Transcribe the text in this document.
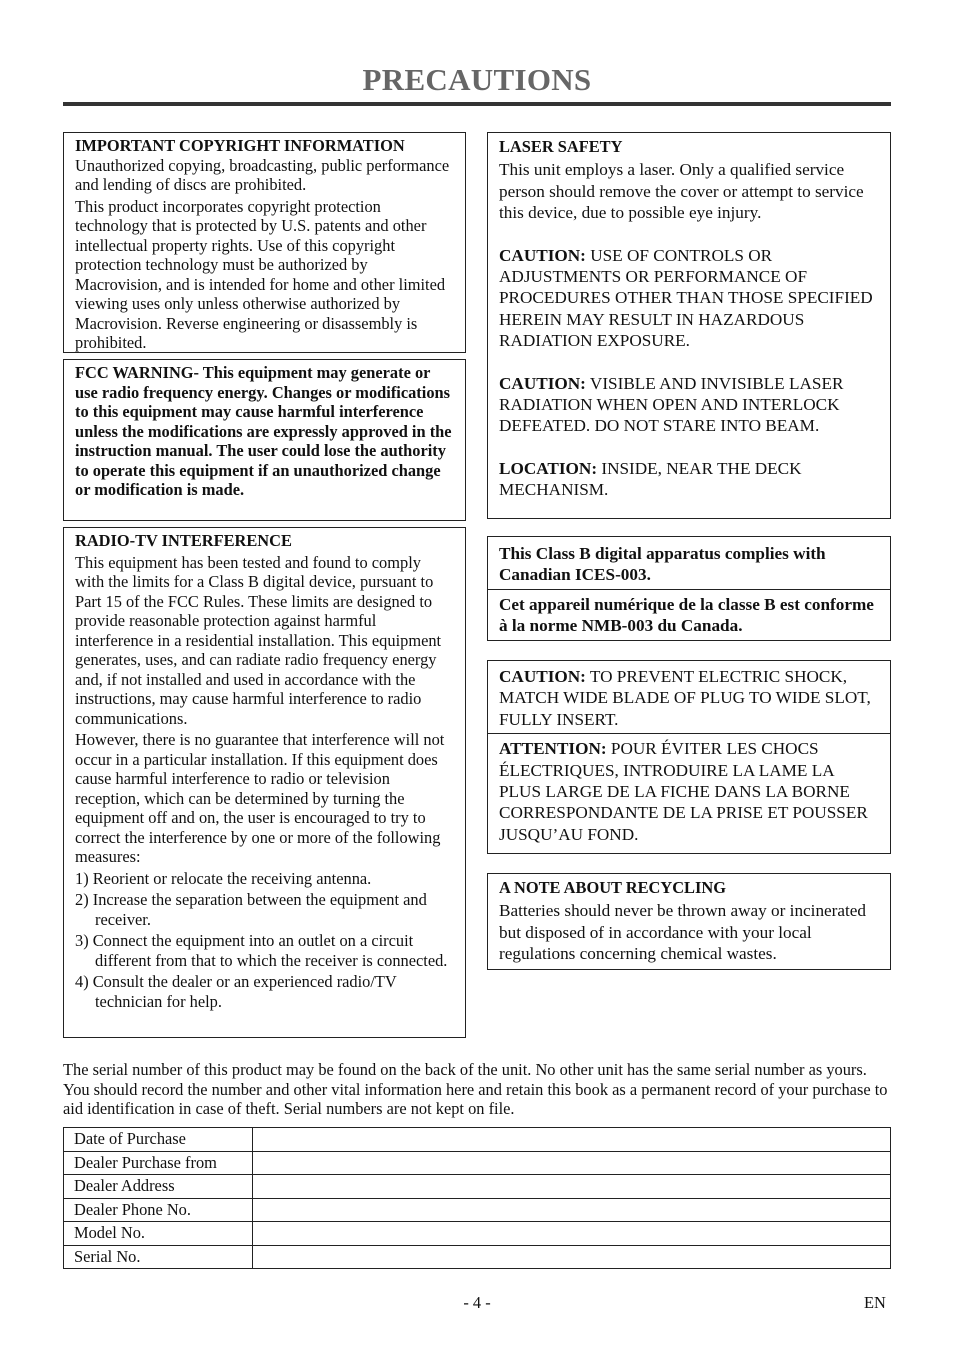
PRECAUTIONS

IMPORTANT COPYRIGHT INFORMATION

Unauthorized copying, broadcasting, public performance and lending of discs are prohibited.

This product incorporates copyright protection technology that is protected by U.S. patents and other intellectual property rights. Use of this copyright protection technology must be authorized by Macrovision, and is intended for home and other limited viewing uses only unless otherwise authorized by Macrovision. Reverse engineering or disassembly is prohibited.

FCC WARNING- This equipment may generate or use radio frequency energy. Changes or modifications to this equipment may cause harmful interference unless the modifications are expressly approved in the instruction manual. The user could lose the authority to operate this equipment if an unauthorized change or modification is made.

RADIO-TV INTERFERENCE

This equipment has been tested and found to comply with the limits for a Class B digital device, pursuant to Part 15 of the FCC Rules. These limits are designed to provide reasonable protection against harmful interference in a residential installation. This equipment generates, uses, and can radiate radio frequency energy and, if not installed and used in accordance with the instructions, may cause harmful interference to radio communications.

However, there is no guarantee that interference will not occur in a particular installation. If this equipment does cause harmful interference to radio or television reception, which can be determined by turning the equipment off and on, the user is encouraged to try to correct the interference by one or more of the following measures:

1) Reorient or relocate the receiving antenna.
2) Increase the separation between the equipment and receiver.
3) Connect the equipment into an outlet on a circuit different from that to which the receiver is connected.
4) Consult the dealer or an experienced radio/TV technician for help.

LASER SAFETY

This unit employs a laser. Only a qualified service person should remove the cover or attempt to service this device, due to possible eye injury.

CAUTION: USE OF CONTROLS OR ADJUSTMENTS OR PERFORMANCE OF PROCEDURES OTHER THAN THOSE SPECIFIED HEREIN MAY RESULT IN HAZARDOUS RADIATION EXPOSURE.

CAUTION: VISIBLE AND INVISIBLE LASER RADIATION WHEN OPEN AND INTERLOCK DEFEATED. DO NOT STARE INTO BEAM.

LOCATION: INSIDE, NEAR THE DECK MECHANISM.

This Class B digital apparatus complies with Canadian ICES-003.

Cet appareil numérique de la classe B est conforme à la norme NMB-003 du Canada.

CAUTION: TO PREVENT ELECTRIC SHOCK, MATCH WIDE BLADE OF PLUG TO WIDE SLOT, FULLY INSERT.

ATTENTION: POUR ÉVITER LES CHOCS ÉLECTRIQUES, INTRODUIRE LA LAME LA PLUS LARGE DE LA FICHE DANS LA BORNE CORRESPONDANTE DE LA PRISE ET POUSSER JUSQU’AU FOND.

A NOTE ABOUT RECYCLING

Batteries should never be thrown away or incinerated but disposed of in accordance with your local regulations concerning chemical wastes.

The serial number of this product may be found on the back of the unit. No other unit has the same serial number as yours. You should record the number and other vital information here and retain this book as a permanent record of your purchase to aid identification in case of theft. Serial numbers are not kept on file.
Date of Purchase	
Dealer Purchase from	
Dealer Address	
Dealer Phone No.	
Model No.	
Serial No.	
- 4 -	EN
